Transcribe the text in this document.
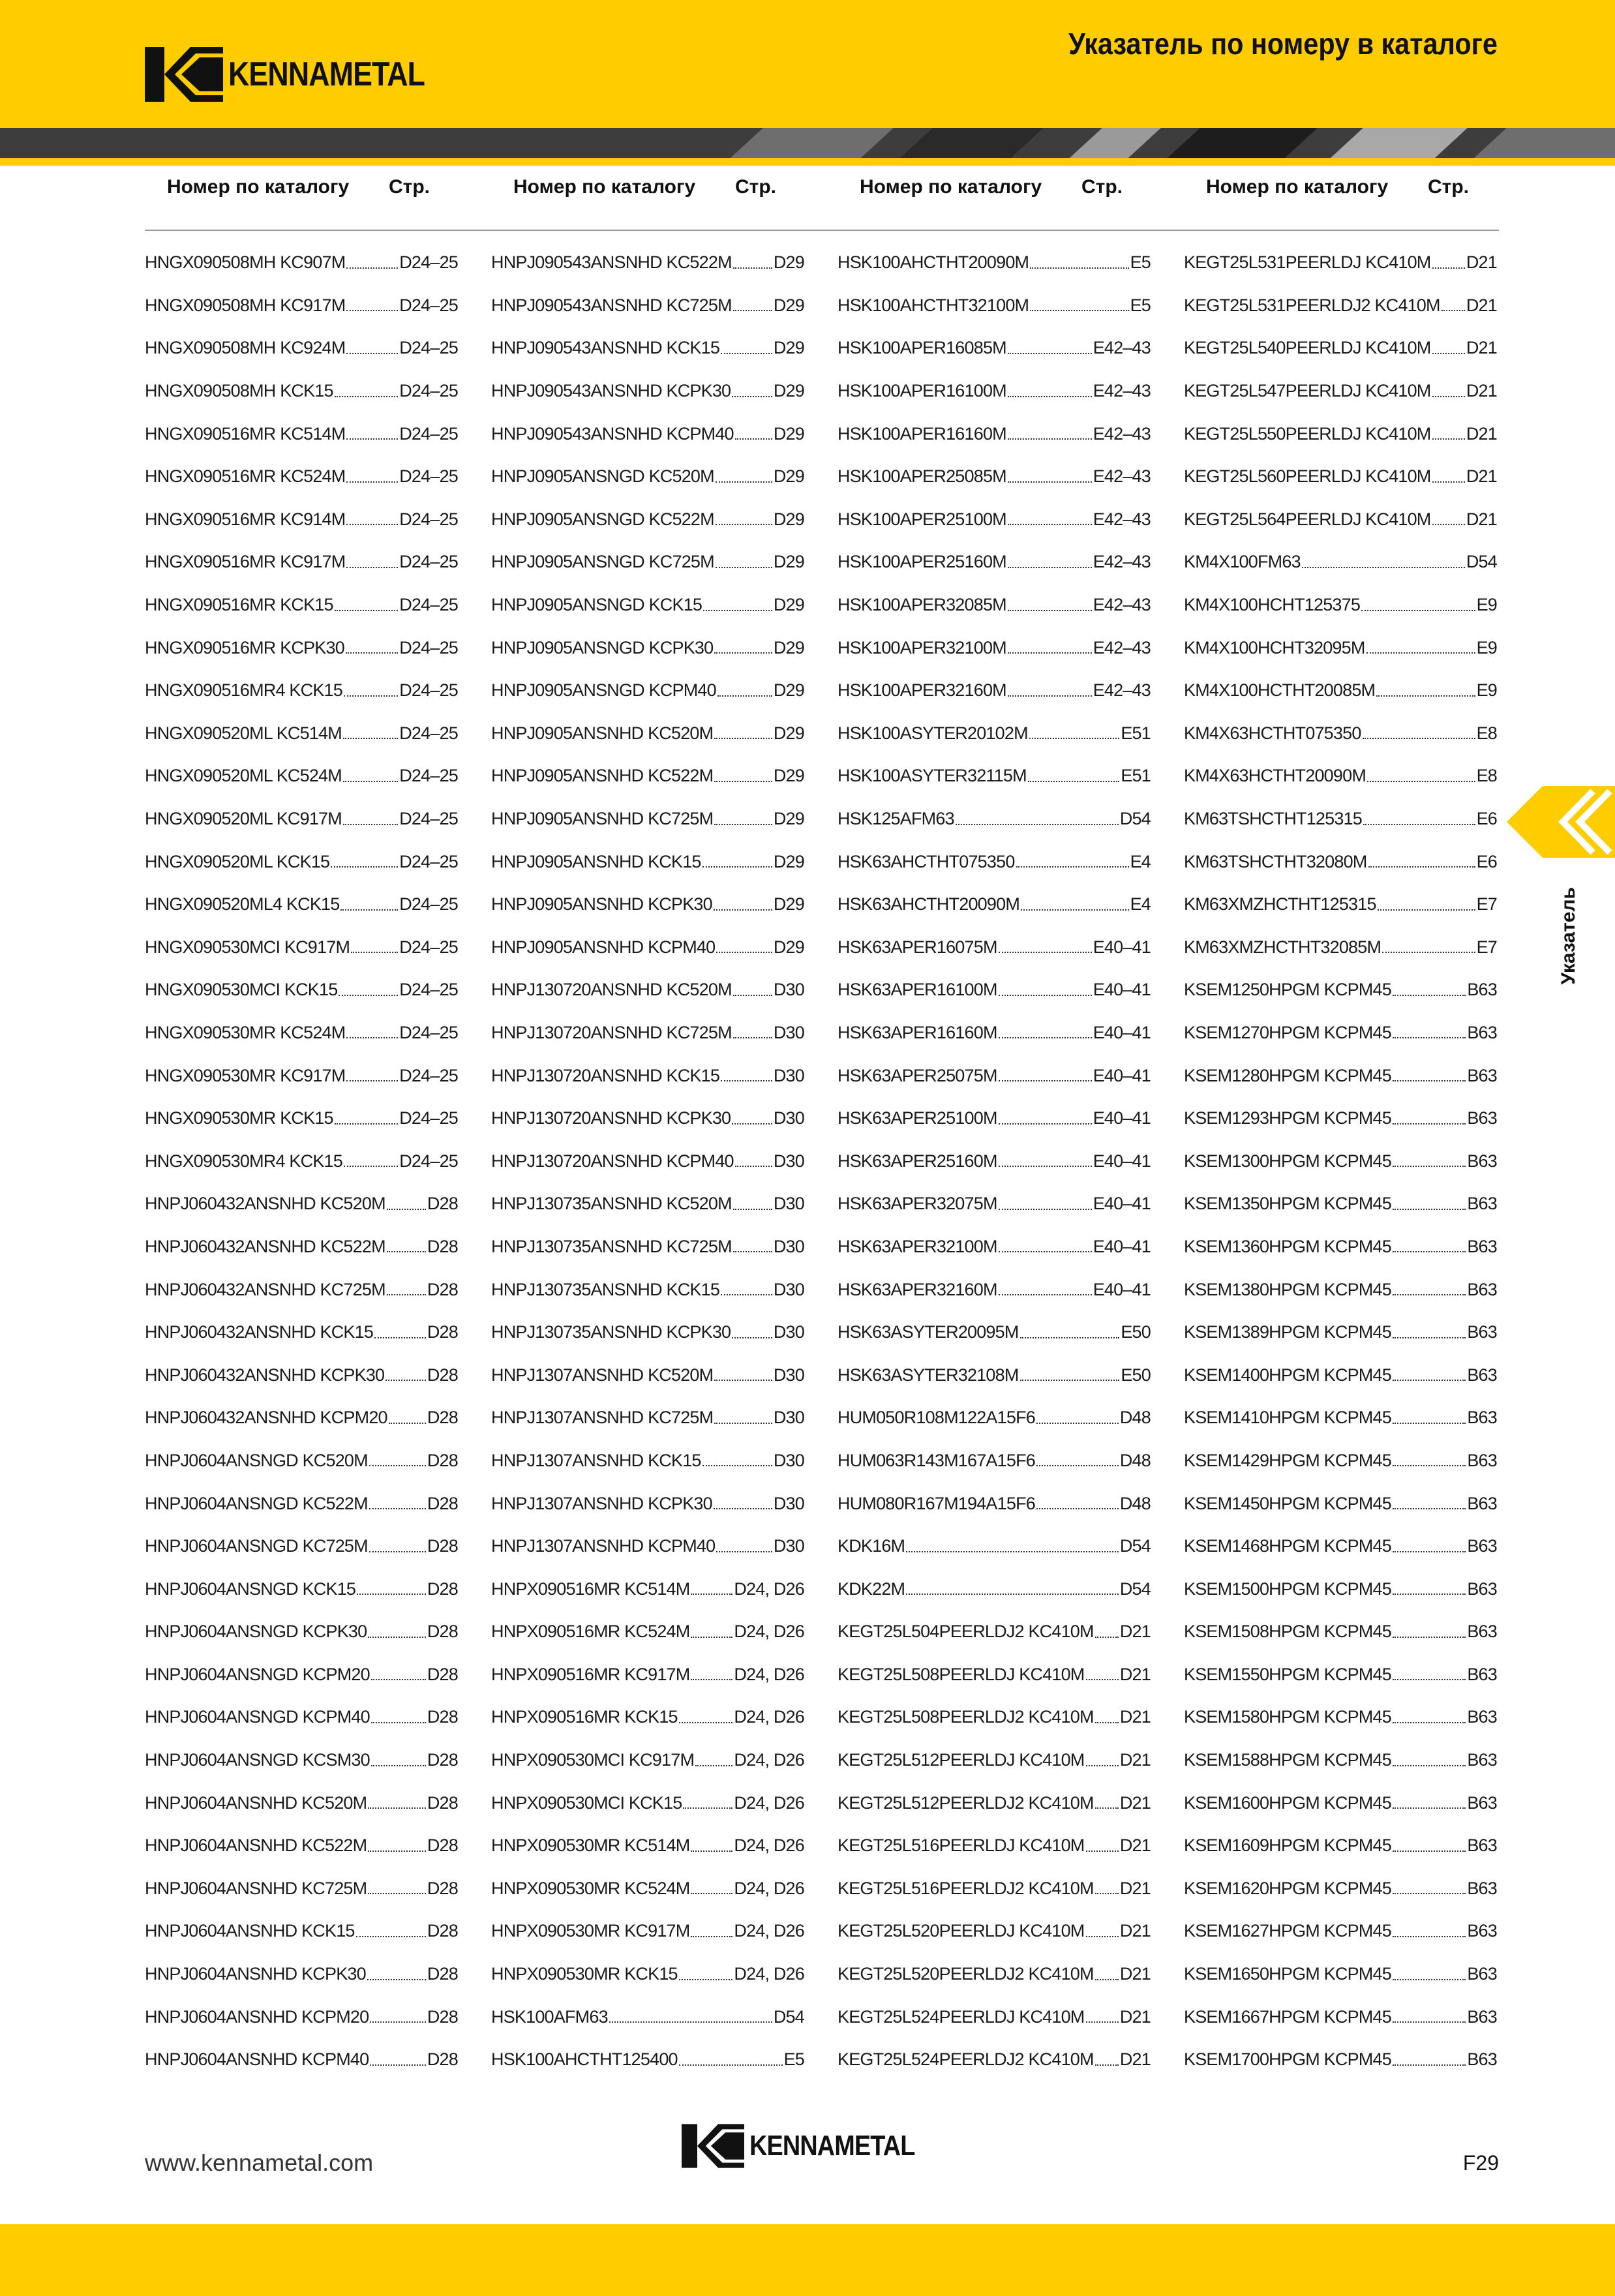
KENNAMETAL
Указатель по номеру в каталоге
Номер по каталогу Стр.	Номер по каталогу Стр.	Номер по каталогу Стр.	Номер по каталогу Стр.
HNGX090508MH KC907M	D24–25
HNGX090508MH KC917M	D24–25
HNGX090508MH KC924M	D24–25
HNGX090508MH KCK15	D24–25
HNGX090516MR KC514M	D24–25
HNGX090516MR KC524M	D24–25
HNGX090516MR KC914M	D24–25
HNGX090516MR KC917M	D24–25
HNGX090516MR KCK15	D24–25
HNGX090516MR KCPK30	D24–25
HNGX090516MR4 KCK15	D24–25
HNGX090520ML KC514M	D24–25
HNGX090520ML KC524M	D24–25
HNGX090520ML KC917M	D24–25
HNGX090520ML KCK15	D24–25
HNGX090520ML4 KCK15	D24–25
HNGX090530MCI KC917M	D24–25
HNGX090530MCI KCK15	D24–25
HNGX090530MR KC524M	D24–25
HNGX090530MR KC917M	D24–25
HNGX090530MR KCK15	D24–25
HNGX090530MR4 KCK15	D24–25
HNPJ060432ANSNHD KC520M D28
HNPJ060432ANSNHD KC522M D28
HNPJ060432ANSNHD KC725M D28
HNPJ060432ANSNHD KCK15	D28
HNPJ060432ANSNHD KCPK30 D28
HNPJ060432ANSNHD KCPM20 D28
HNPJ0604ANSNGD KC520M	D28
HNPJ0604ANSNGD KC522M	D28
HNPJ0604ANSNGD KC725M	D28
HNPJ0604ANSNGD KCK15	D28
HNPJ0604ANSNGD KCPK30	D28
HNPJ0604ANSNGD KCPM20	D28
HNPJ0604ANSNGD KCPM40	D28
HNPJ0604ANSNGD KCSM30	D28
HNPJ0604ANSNHD KC520M	D28
HNPJ0604ANSNHD KC522M	D28
HNPJ0604ANSNHD KC725M	D28
HNPJ0604ANSNHD KCK15	D28
HNPJ0604ANSNHD KCPK30	D28
HNPJ0604ANSNHD KCPM20	D28
HNPJ0604ANSNHD KCPM40	D28
HNPJ090543ANSNHD KC522M D29
HNPJ090543ANSNHD KC725M D29
HNPJ090543ANSNHD KCK15	D29
HNPJ090543ANSNHD KCPK30 D29
HNPJ090543ANSNHD KCPM40 D29
HNPJ0905ANSNGD KC520M	D29
HNPJ0905ANSNGD KC522M	D29
HNPJ0905ANSNGD KC725M	D29
HNPJ0905ANSNGD KCK15	D29
HNPJ0905ANSNGD KCPK30	D29
HNPJ0905ANSNGD KCPM40	D29
HNPJ0905ANSNHD KC520M	D29
HNPJ0905ANSNHD KC522M	D29
HNPJ0905ANSNHD KC725M	D29
HNPJ0905ANSNHD KCK15	D29
HNPJ0905ANSNHD KCPK30	D29
HNPJ0905ANSNHD KCPM40	D29
HNPJ130720ANSNHD KC520M D30
HNPJ130720ANSNHD KC725M D30
HNPJ130720ANSNHD KCK15	D30
HNPJ130720ANSNHD KCPK30 D30
HNPJ130720ANSNHD KCPM40 D30
HNPJ130735ANSNHD KC520M D30
HNPJ130735ANSNHD KC725M D30
HNPJ130735ANSNHD KCK15	D30
HNPJ130735ANSNHD KCPK30 D30
HNPJ1307ANSNHD KC520M	D30
HNPJ1307ANSNHD KC725M	D30
HNPJ1307ANSNHD KCK15	D30
HNPJ1307ANSNHD KCPK30	D30
HNPJ1307ANSNHD KCPM40	D30
HNPX090516MR KC514M	D24, D26
HNPX090516MR KC524M	D24, D26
HNPX090516MR KC917M	D24, D26
HNPX090516MR KCK15	D24, D26
HNPX090530MCI KC917M D24, D26
HNPX090530MCI KCK15	D24, D26
HNPX090530MR KC514M	D24, D26
HNPX090530MR KC524M	D24, D26
HNPX090530MR KC917M	D24, D26
HNPX090530MR KCK15	D24, D26
HSK100AFM63	D54
HSK100AHCTHT125400	E5
HSK100AHCTHT20090M	E5
HSK100AHCTHT32100M	E5
HSK100APER16085M	E42–43
HSK100APER16100M	E42–43
HSK100APER16160M	E42–43
HSK100APER25085M	E42–43
HSK100APER25100M	E42–43
HSK100APER25160M	E42–43
HSK100APER32085M	E42–43
HSK100APER32100M	E42–43
HSK100APER32160M	E42–43
HSK100ASYTER20102M	E51
HSK100ASYTER32115M	E51
HSK125AFM63	D54
HSK63AHCTHT075350	E4
HSK63AHCTHT20090M	E4
HSK63APER16075M	E40–41
HSK63APER16100M	E40–41
HSK63APER16160M	E40–41
HSK63APER25075M	E40–41
HSK63APER25100M	E40–41
HSK63APER25160M	E40–41
HSK63APER32075M	E40–41
HSK63APER32100M	E40–41
HSK63APER32160M	E40–41
HSK63ASYTER20095M	E50
HSK63ASYTER32108M	E50
HUM050R108M122A15F6	D48
HUM063R143M167A15F6	D48
HUM080R167M194A15F6	D48
KDK16M	D54
KDK22M	D54
KEGT25L504PEERLDJ2 KC410M D21
KEGT25L508PEERLDJ KC410M D21
KEGT25L508PEERLDJ2 KC410M D21
KEGT25L512PEERLDJ KC410M D21
KEGT25L512PEERLDJ2 KC410M D21
KEGT25L516PEERLDJ KC410M D21
KEGT25L516PEERLDJ2 KC410M D21
KEGT25L520PEERLDJ KC410M D21
KEGT25L520PEERLDJ2 KC410M D21
KEGT25L524PEERLDJ KC410M D21
KEGT25L524PEERLDJ2 KC410M D21
KEGT25L531PEERLDJ KC410M D21
KEGT25L531PEERLDJ2 KC410M D21
KEGT25L540PEERLDJ KC410M D21
KEGT25L547PEERLDJ KC410M D21
KEGT25L550PEERLDJ KC410M D21
KEGT25L560PEERLDJ KC410M D21
KEGT25L564PEERLDJ KC410M D21
KM4X100FM63	D54
KM4X100HCHT125375	E9
KM4X100HCHT32095M	E9
KM4X100HCTHT20085M	E9
KM4X63HCTHT075350	E8
KM4X63HCTHT20090M	E8
KM63TSHCTHT125315	E6
KM63TSHCTHT32080M	E6
KM63XMZHCTHT125315	E7
KM63XMZHCTHT32085M	E7
KSEM1250HPGM KCPM45	B63
KSEM1270HPGM KCPM45	B63
KSEM1280HPGM KCPM45	B63
KSEM1293HPGM KCPM45	B63
KSEM1300HPGM KCPM45	B63
KSEM1350HPGM KCPM45	B63
KSEM1360HPGM KCPM45	B63
KSEM1380HPGM KCPM45	B63
KSEM1389HPGM KCPM45	B63
KSEM1400HPGM KCPM45	B63
KSEM1410HPGM KCPM45	B63
KSEM1429HPGM KCPM45	B63
KSEM1450HPGM KCPM45	B63
KSEM1468HPGM KCPM45	B63
KSEM1500HPGM KCPM45	B63
KSEM1508HPGM KCPM45	B63
KSEM1550HPGM KCPM45	B63
KSEM1580HPGM KCPM45	B63
KSEM1588HPGM KCPM45	B63
KSEM1600HPGM KCPM45	B63
KSEM1609HPGM KCPM45	B63
KSEM1620HPGM KCPM45	B63
KSEM1627HPGM KCPM45	B63
KSEM1650HPGM KCPM45	B63
KSEM1667HPGM KCPM45	B63
KSEM1700HPGM KCPM45	B63
Указатель
www.kennametal.com
KENNAMETAL
F29
